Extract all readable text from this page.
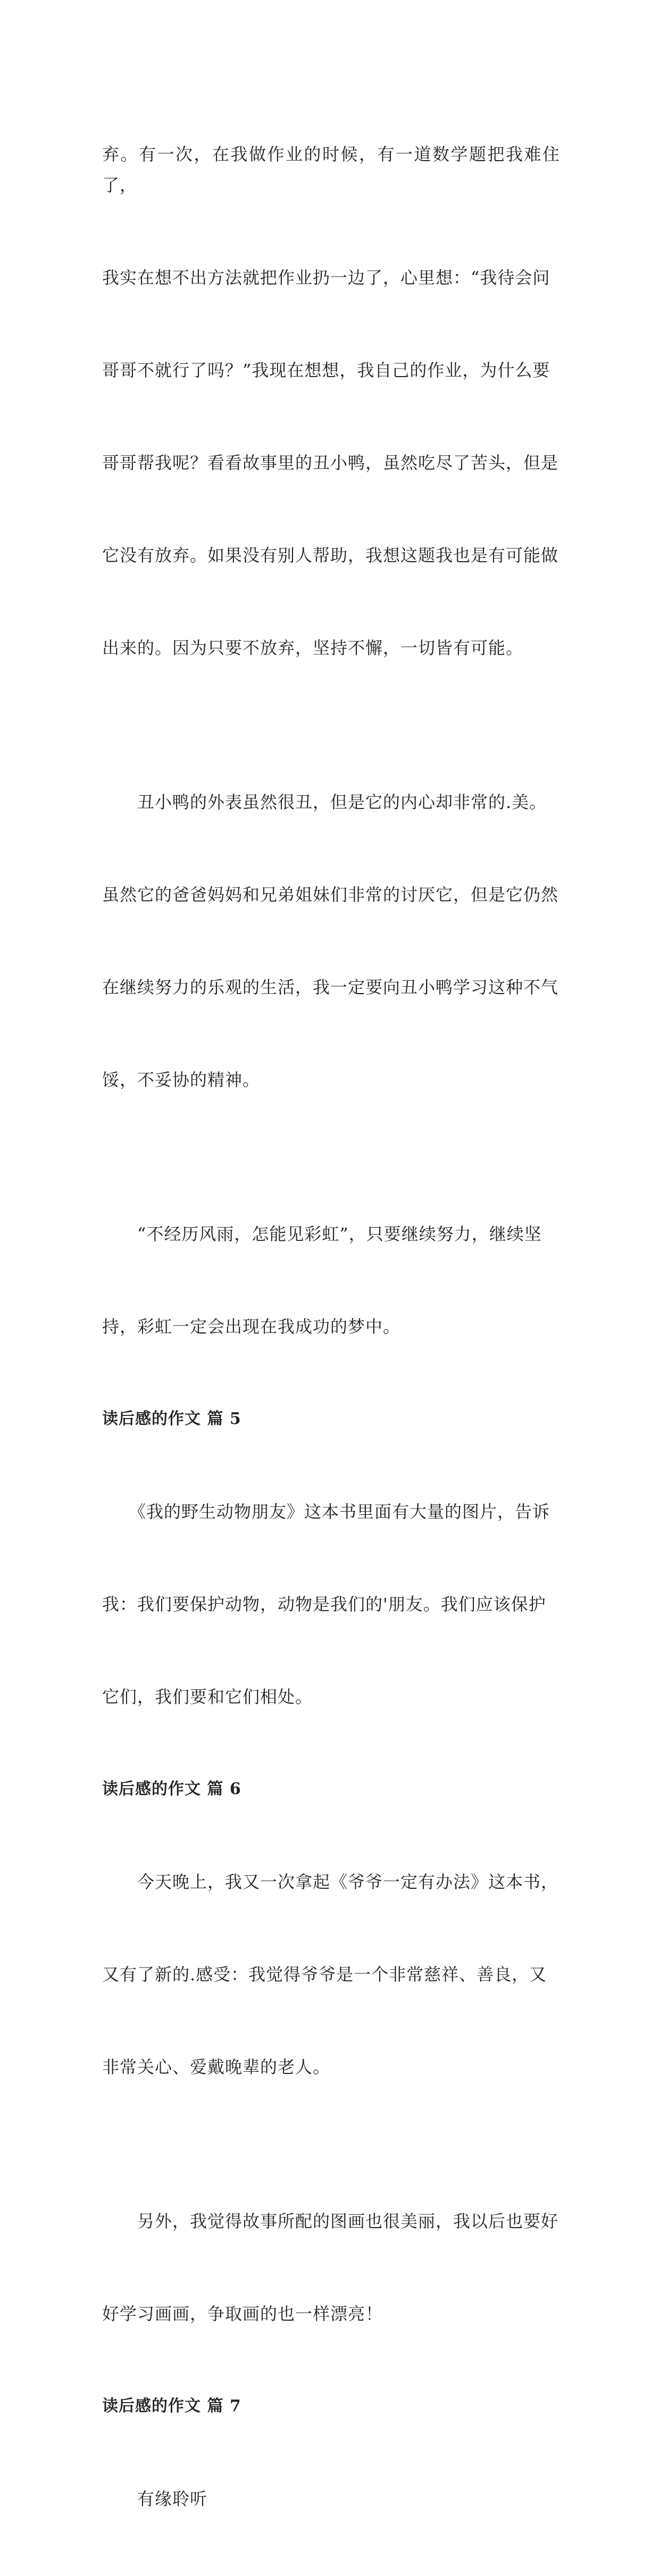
弃。有一次，在我做作业的时候，有一道数学题把我难住了，

我实在想不出方法就把作业扔一边了，心里想：“我待会问

哥哥不就行了吗？”我现在想想，我自己的作业，为什么要

哥哥帮我呢？看看故事里的丑小鸭，虽然吃尽了苦头，但是

它没有放弃。如果没有别人帮助，我想这题我也是有可能做

出来的。因为只要不放弃，坚持不懈，一切皆有可能。

　　丑小鸭的外表虽然很丑，但是它的内心却非常的.美。

虽然它的爸爸妈妈和兄弟姐妹们非常的讨厌它，但是它仍然

在继续努力的乐观的生活，我一定要向丑小鸭学习这种不气

馁，不妥协的精神。

　　“不经历风雨，怎能见彩虹”，只要继续努力，继续坚

持，彩虹一定会出现在我成功的梦中。

读后感的作文 篇 5

　　《我的野生动物朋友》这本书里面有大量的图片，告诉

我：我们要保护动物，动物是我们的'朋友。我们应该保护

它们，我们要和它们相处。

读后感的作文 篇 6

　　今天晚上，我又一次拿起《爷爷一定有办法》这本书，

又有了新的.感受：我觉得爷爷是一个非常慈祥、善良，又

非常关心、爱戴晚辈的老人。

　　另外，我觉得故事所配的图画也很美丽，我以后也要好

好学习画画，争取画的也一样漂亮！

读后感的作文 篇 7

　　有缘聆听
